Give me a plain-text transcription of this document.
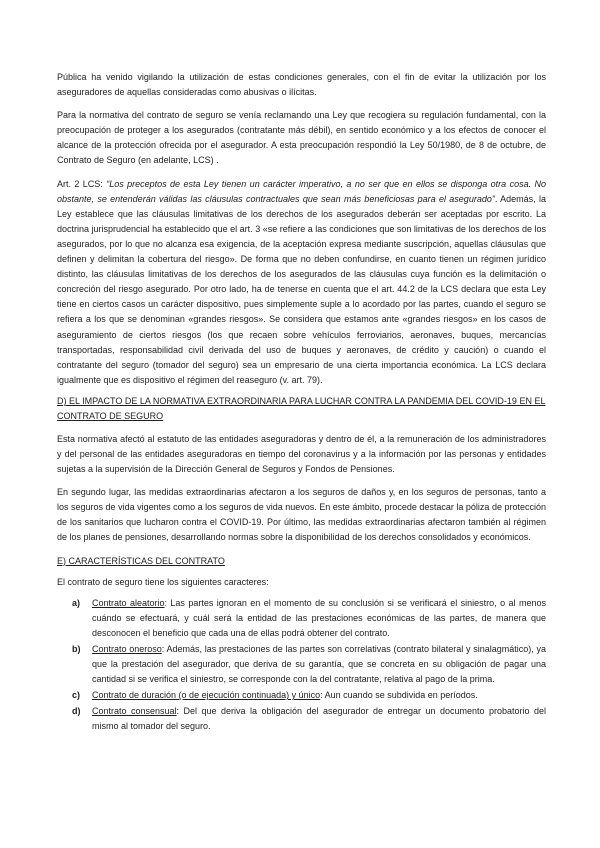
Pública ha venido vigilando la utilización de estas condiciones generales, con el fin de evitar la utilización por los aseguradores de aquellas consideradas como abusivas o ilícitas.

Para la normativa del contrato de seguro se venía reclamando una Ley que recogiera su regulación fundamental, con la preocupación de proteger a los asegurados (contratante más débil), en sentido económico y a los efectos de conocer el alcance de la protección ofrecida por el asegurador. A esta preocupación respondió la Ley 50/1980, de 8 de octubre, de Contrato de Seguro (en adelante, LCS) .

Art. 2 LCS: “Los preceptos de esta Ley tienen un carácter imperativo, a no ser que en ellos se disponga otra cosa. No obstante, se entenderán válidas las cláusulas contractuales que sean más beneficiosas para el asegurado”. Además, la Ley establece que las cláusulas limitativas de los derechos de los asegurados deberán ser aceptadas por escrito. La doctrina jurisprudencial ha establecido que el art. 3 «se refiere a las condiciones que son limitativas de los derechos de los asegurados, por lo que no alcanza esa exigencia, de la aceptación expresa mediante suscripción, aquellas cláusulas que definen y delimitan la cobertura del riesgo». De forma que no deben confundirse, en cuanto tienen un régimen jurídico distinto, las cláusulas limitativas de los derechos de los asegurados de las cláusulas cuya función es la delimitación o concreción del riesgo asegurado. Por otro lado, ha de tenerse en cuenta que el art. 44.2 de la LCS declara que esta Ley tiene en ciertos casos un carácter dispositivo, pues simplemente suple a lo acordado por las partes, cuando el seguro se refiera a los que se denominan «grandes riesgos». Se considera que estamos ante «grandes riesgos» en los casos de aseguramiento de ciertos riesgos (los que recaen sobre vehículos ferroviarios, aeronaves, buques, mercancías transportadas, responsabilidad civil derivada del uso de buques y aeronaves, de crédito y caución) o cuando el contratante del seguro (tomador del seguro) sea un empresario de una cierta importancia económica. La LCS declara igualmente que es dispositivo el régimen del reaseguro (v. art. 79).

D) EL IMPACTO DE LA NORMATIVA EXTRAORDINARIA PARA LUCHAR CONTRA LA PANDEMIA DEL COVID-19 EN EL CONTRATO DE SEGURO

Esta normativa afectó al estatuto de las entidades aseguradoras y dentro de él, a la remuneración de los administradores y del personal de las entidades aseguradoras en tiempo del coronavirus y a la información por las personas y entidades sujetas a la supervisión de la Dirección General de Seguros y Fondos de Pensiones.

En segundo lugar, las medidas extraordinarias afectaron a los seguros de daños y, en los seguros de personas, tanto a los seguros de vida vigentes como a los seguros de vida nuevos. En este ámbito, procede destacar la póliza de protección de los sanitarios que lucharon contra el COVID-19. Por último, las medidas extraordinarias afectaron también al régimen de los planes de pensiones, desarrollando normas sobre la disponibilidad de los derechos consolidados y económicos.

E) CARACTERÍSTICAS DEL CONTRATO

El contrato de seguro tiene los siguientes caracteres:

a) Contrato aleatorio: Las partes ignoran en el momento de su conclusión si se verificará el siniestro, o al menos cuándo se efectuará, y cuál será la entidad de las prestaciones económicas de las partes, de manera que desconocen el beneficio que cada una de ellas podrá obtener del contrato.
b) Contrato oneroso: Además, las prestaciones de las partes son correlativas (contrato bilateral y sinalagmático), ya que la prestación del asegurador, que deriva de su garantía, que se concreta en su obligación de pagar una cantidad si se verifica el siniestro, se corresponde con la del contratante, relativa al pago de la prima.
c) Contrato de duración (o de ejecución continuada) y único: Aun cuando se subdivida en períodos.
d) Contrato consensual: Del que deriva la obligación del asegurador de entregar un documento probatorio del mismo al tomador del seguro.
